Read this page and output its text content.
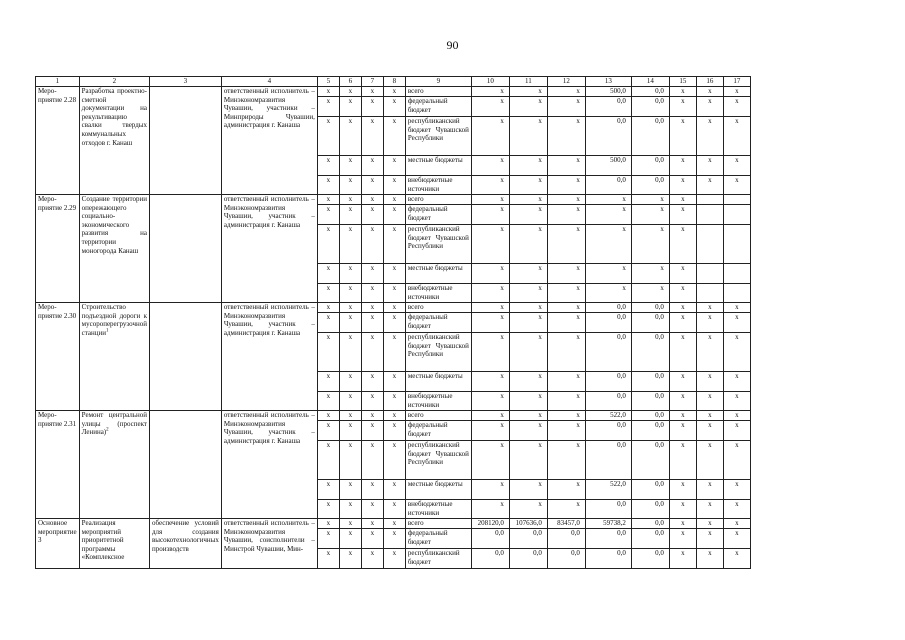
90
1	2	3	4	5	6	7	8	9	10	11	12	13	14	15	16	17
Меро-приятие 2.28	Разработка проектно-сметной документации на рекультивацию свалки твердых коммунальных отходов г. Канаш		ответственный исполнитель – Минэкономразвития Чувашии, участники – Минприроды Чувашии, администрация г. Канаша	x	x	x	x	всего	x	x	x	500,0	0,0	x	x	x
				x	x	x	x	федеральный бюджет	x	x	x	0,0	0,0	x	x	x
				x	x	x	x	республиканский бюджет Чувашской Республики	x	x	x	0,0	0,0	x	x	x
				x	x	x	x	местные бюджеты	x	x	x	500,0	0,0	x	x	x
				x	x	x	x	внебюджетные источники	x	x	x	0,0	0,0	x	x	x
Меро-приятие 2.29	Создание территории опережающего социально-экономического развития на территории моногорода Канаш		ответственный исполнитель – Минэкономразвития Чувашии, участник – администрация г. Канаша	x	x	x	x	всего	x	x	x	x	x	x		
				x	x	x	x	федеральный бюджет	x	x	x	x	x	x		
				x	x	x	x	республиканский бюджет Чувашской Республики	x	x	x	x	x	x		
				x	x	x	x	местные бюджеты	x	x	x	x	x	x		
				x	x	x	x	внебюджетные источники	x	x	x	x	x	x		
Меро-приятие 2.30	Строительство подъездной дороги к мусороперегрузочной станции$^1$		ответственный исполнитель – Минэкономразвития Чувашии, участник – администрация г. Канаша	x	x	x	x	всего	x	x	x	0,0	0,0	x	x	x
				x	x	x	x	федеральный бюджет	x	x	x	0,0	0,0	x	x	x
				x	x	x	x	республиканский бюджет Чувашской Республики	x	x	x	0,0	0,0	x	x	x
				x	x	x	x	местные бюджеты	x	x	x	0,0	0,0	x	x	x
				x	x	x	x	внебюджетные источники	x	x	x	0,0	0,0	x	x	x
Меро-приятие 2.31	Ремонт центральной улицы (проспект Ленина)$^2$		ответственный исполнитель – Минэкономразвития Чувашии, участник – администрация г. Канаша	x	x	x	x	всего	x	x	x	522,0	0,0	x	x	x
				x	x	x	x	федеральный бюджет	x	x	x	0,0	0,0	x	x	x
				x	x	x	x	республиканский бюджет Чувашской Республики	x	x	x	0,0	0,0	x	x	x
				x	x	x	x	местные бюджеты	x	x	x	522,0	0,0	x	x	x
				x	x	x	x	внебюджетные источники	x	x	x	0,0	0,0	x	x	x
Основное мероприятие 3	Реализация мероприятий приоритетной программы «Комплексное	обеспечение условий для создания высокотехнологичных производств	ответственный исполнитель – Минэкономразвития Чувашии, соисполнители – Минстрой Чувашии, Мин-	x	x	x	x	всего	208120,0	107636,0	83457,0	59738,2	0,0	x	x	x
				x	x	x	x	федеральный бюджет	0,0	0,0	0,0	0,0	0,0	x	x	x
				x	x	x	x	республиканский бюджет	0,0	0,0	0,0	0,0	0,0	x	x	x
